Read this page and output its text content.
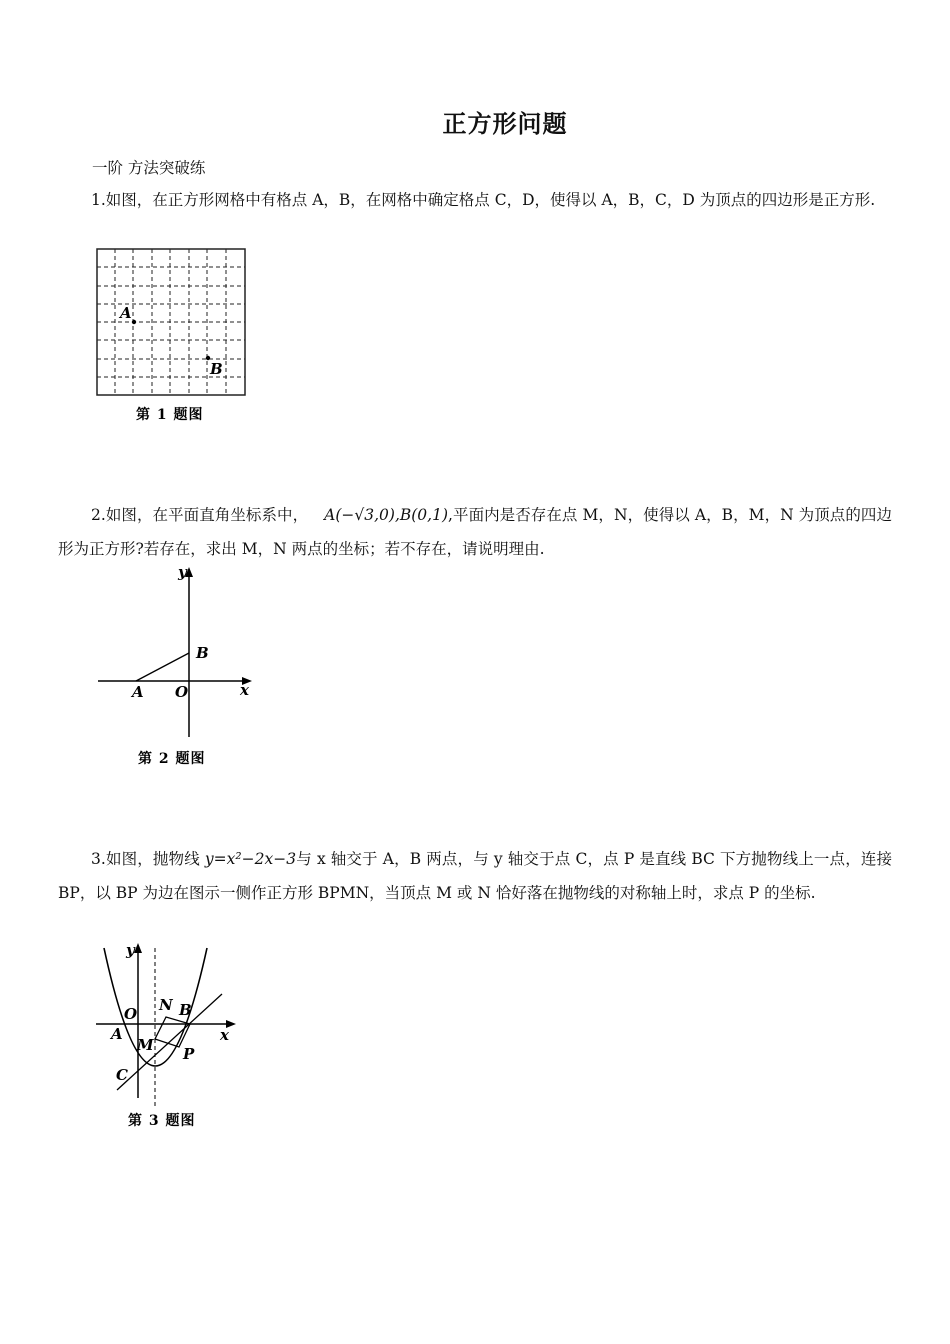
正方形问题
一阶 方法突破练
1.如图，在正方形网格中有格点 A，B，在网格中确定格点 C，D，使得以 A，B，C，D 为顶点的四边形是正方形.
A
B
第 1 题图
2.如图，在平面直角坐标系中， A(−√3,0),B(0,1),平面内是否存在点 M，N，使得以 A，B，M，N 为顶点的四边形为正方形?若存在，求出 M，N 两点的坐标；若不存在，请说明理由.
y
x
B
A O
第 2 题图
3.如图，抛物线 y=x²−2x−3与 x 轴交于 A，B 两点，与 y 轴交于点 C，点 P 是直线 BC 下方抛物线上一点，连接 BP，以 BP 为边在图示一侧作正方形 BPMN，当顶点 M 或 N 恰好落在抛物线的对称轴上时，求点 P 的坐标.
y
x
O
A
N B
M P
C
第 3 题图
